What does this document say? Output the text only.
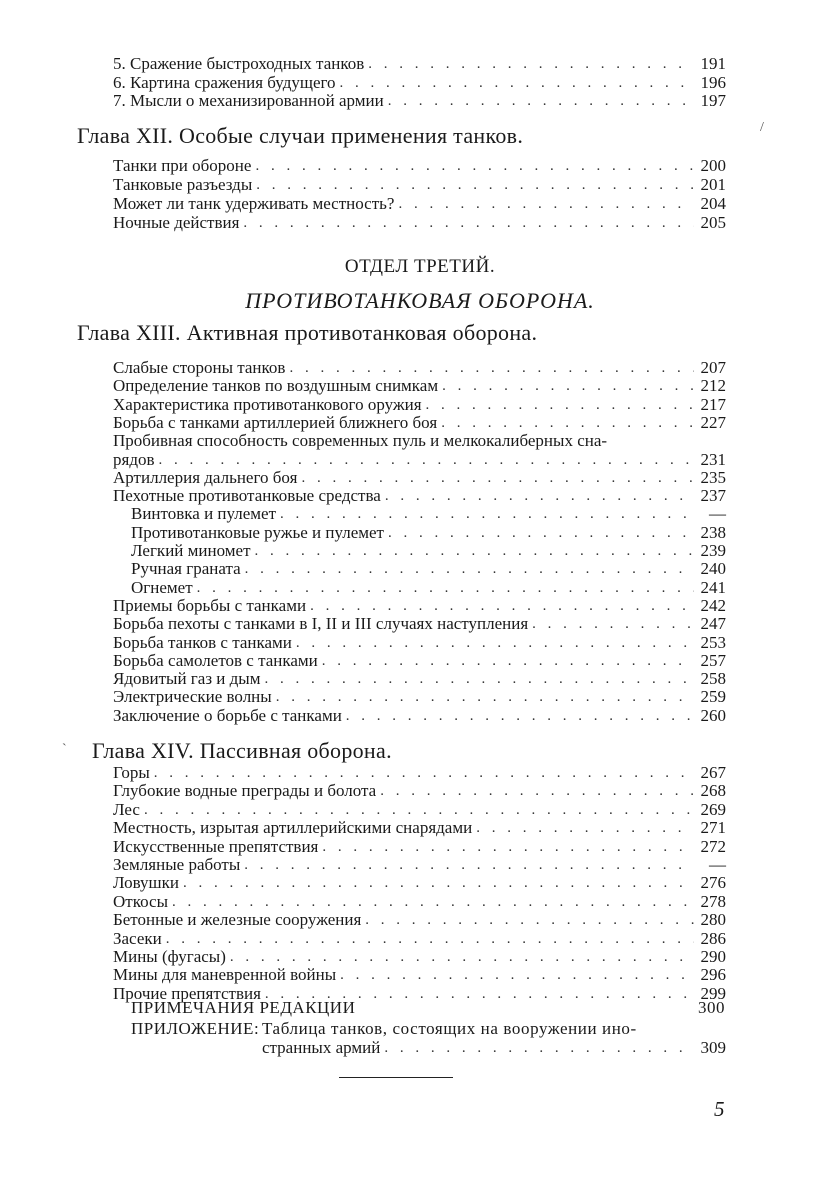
5. Сражение быстроходных танков . . .	191
6. Картина сражения будущего . . .	196
7. Мысли о механизированной армии . . .	197
Глава XII. Особые случаи применения танков.
Танки при обороне . . .	200
Танковые разъезды . . .	201
Может ли танк удерживать местность? . . .	204
Ночные действия . . .	205
ОТДЕЛ ТРЕТИЙ.
ПРОТИВОТАНКОВАЯ ОБОРОНА.
Глава XIII. Активная противотанковая оборона.
Слабые стороны танков . . .	207
Определение танков по воздушным снимкам . . .	212
Характеристика противотанкового оружия . . .	217
Борьба с танками артиллерией ближнего боя . . .	227
Пробивная способность современных пуль и мелкокалиберных сна-
рядов . . .	231
Артиллерия дальнего боя . . .	235
Пехотные противотанковые средства . . .	237
Винтовка и пулемет . . .	—
Противотанковые ружье и пулемет . . .	238
Легкий миномет . . .	239
Ручная граната . . .	240
Огнемет . . .	241
Приемы борьбы с танками . . .	242
Борьба пехоты с танками в I, II и III случаях наступления . . .	247
Борьба танков с танками . . .	253
Борьба самолетов с танками . . .	257
Ядовитый газ и дым . . .	258
Электрические волны . . .	259
Заключение о борьбе с танками . . .	260
Глава XIV. Пассивная оборона.
Горы . . .	267
Глубокие водные преграды и болота . . .	268
Лес . . .	269
Местность, изрытая артиллерийскими снарядами . . .	271
Искусственные препятствия . . .	272
Земляные работы . . .	—
Ловушки . . .	276
Откосы . . .	278
Бетонные и железные сооружения . . .	280
Засеки . . .	286
Мины (фугасы) . . .	290
Мины для маневренной войны . . .	296
Прочие препятствия . . .	299
ПРИМЕЧАНИЯ РЕДАКЦИИ	300
ПРИЛОЖЕНИЕ: Таблица танков, состоящих на вооружении ино-
странных армий . . .	309
5
/
`
